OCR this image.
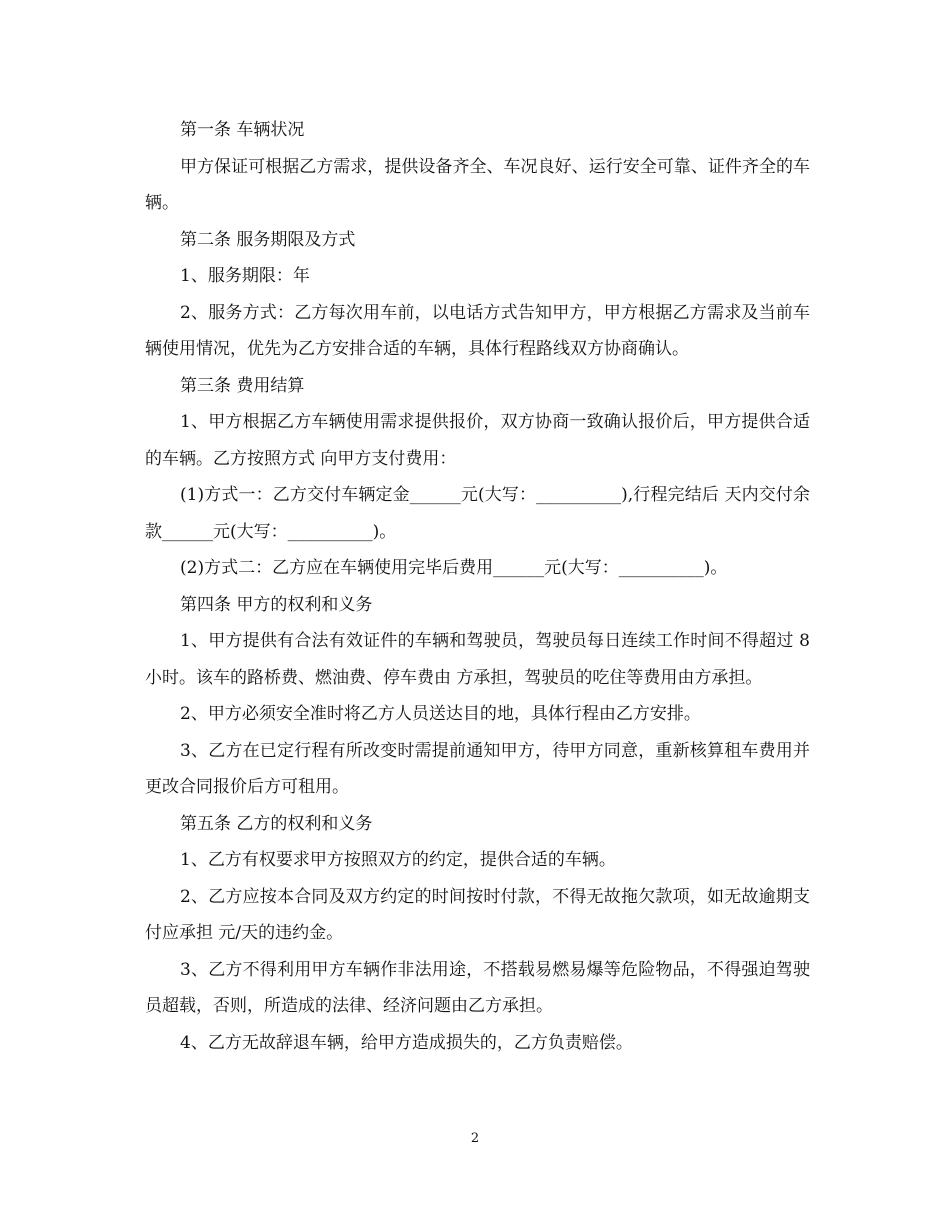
第一条 车辆状况

甲方保证可根据乙方需求，提供设备齐全、车况良好、运行安全可靠、证件齐全的车辆。

第二条 服务期限及方式

1、服务期限：年

2、服务方式：乙方每次用车前，以电话方式告知甲方，甲方根据乙方需求及当前车辆使用情况，优先为乙方安排合适的车辆，具体行程路线双方协商确认。

第三条 费用结算

1、甲方根据乙方车辆使用需求提供报价，双方协商一致确认报价后，甲方提供合适的车辆。乙方按照方式 向甲方支付费用：

(1)方式一：乙方交付车辆定金______元(大写：__________),行程完结后 天内交付余款______元(大写：__________)。

(2)方式二：乙方应在车辆使用完毕后费用______元(大写：__________)。

第四条 甲方的权利和义务

1、甲方提供有合法有效证件的车辆和驾驶员，驾驶员每日连续工作时间不得超过 8 小时。该车的路桥费、燃油费、停车费由 方承担，驾驶员的吃住等费用由方承担。

2、甲方必须安全准时将乙方人员送达目的地，具体行程由乙方安排。

3、乙方在已定行程有所改变时需提前通知甲方，待甲方同意，重新核算租车费用并更改合同报价后方可租用。

第五条 乙方的权利和义务

1、乙方有权要求甲方按照双方的约定，提供合适的车辆。

2、乙方应按本合同及双方约定的时间按时付款，不得无故拖欠款项，如无故逾期支付应承担 元/天的违约金。

3、乙方不得利用甲方车辆作非法用途，不搭载易燃易爆等危险物品，不得强迫驾驶员超载，否则，所造成的法律、经济问题由乙方承担。

4、乙方无故辞退车辆，给甲方造成损失的，乙方负责赔偿。

2
